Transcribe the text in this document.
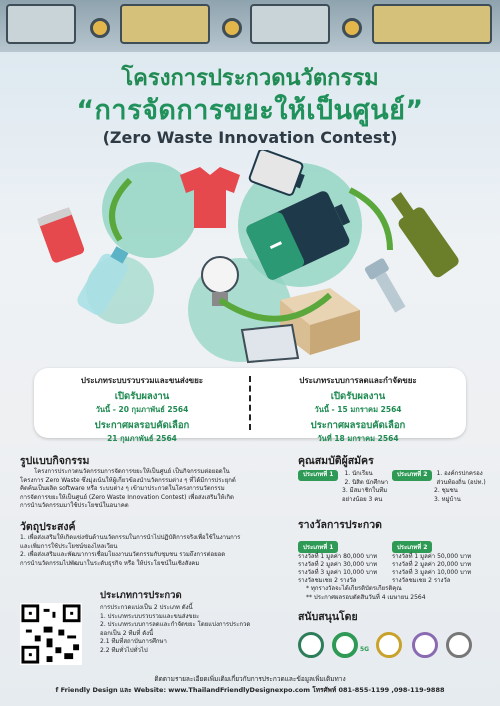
โครงการประกวดนวัตกรรม
“การจัดการขยะให้เป็นศูนย์”
(Zero Waste Innovation Contest)
ประเภทระบบรวบรวมและขนส่งขยะ
เปิดรับผลงาน
วันนี้ - 20 กุมภาพันธ์ 2564
ประกาศผลรอบคัดเลือก
21 กุมภาพันธ์ 2564
ประเภทระบบการลดและกำจัดขยะ
เปิดรับผลงาน
วันนี้ - 15 มกราคม 2564
ประกาศผลรอบคัดเลือก
วันที่ 18 มกราคม 2564
รูปแบบกิจกรรม
โครงการประกวดนวัตกรรมการจัดการขยะให้เป็นศูนย์ เป็นกิจกรรมต่อยอดใน
โครงการ Zero Waste ซึ่งมุ่งเน้นให้ผู้เกี่ยวข้องนำนวัตกรรมต่าง ๆ ที่ได้มีการประยุกต์
คิดค้นเป็นผลิต software หรือ ระบบต่าง ๆ เข้ามาประกวดในโครงการนวัตกรรม
การจัดการขยะให้เป็นศูนย์ (Zero Waste Innovation Contest) เพื่อส่งเสริมให้เกิด
การนำนวัตกรรมมาใช้ประโยชน์ในอนาคต
วัตถุประสงค์
1. เพื่อส่งเสริมให้เกิดแข่งขันด้านนวัตกรรมในการนำไปปฏิบัติการจริงเพื่อใช้ในงานการ
และเพิ่มการใช้ประโยชน์ของไหลเวียน
2. เพื่อส่งเสริมและพัฒนาการเชื่อมโยงงานนวัตกรรมกับชุมชน รวมถึงการต่อยอด
การนำนวัตกรรมไปพัฒนาในระดับธุรกิจ หรือ ให้ประโยชน์ในเชิงสังคม
ประเภทการประกวด
การประกวดแบ่งเป็น 2 ประเภท ดังนี้
1. ประเภทระบบรวบรวมและขนส่งขยะ
2. ประเภทระบบการลดและกำจัดขยะ โดยแบ่งการประกวด
ออกเป็น 2 ทีมที่ ดังนี้
2.1 ทีมที่สถาบันการศึกษา
2.2 ทีมทั่วไปทั่วไป
คุณสมบัติผู้สมัคร
ประเภทที่ 1	1. นักเรียน
2. นิสิต นักศึกษา
3. มีสมาชิกในทีม
อย่างน้อย 3 คน
ประเภทที่ 2	1. องค์กรปกครอง
ส่วนท้องถิ่น (อปท.)
2. ชุมชน
3. หมู่บ้าน
รางวัลการประกวด
ประเภทที่ 1
รางวัลที่ 1 มูลค่า 80,000 บาท
รางวัลที่ 2 มูลค่า 30,000 บาท
รางวัลที่ 3 มูลค่า 10,000 บาท
รางวัลชมเชย 2 รางวัล
ประเภทที่ 2
รางวัลที่ 1 มูลค่า 50,000 บาท
รางวัลที่ 2 มูลค่า 20,000 บาท
รางวัลที่ 3 มูลค่า 10,000 บาท
รางวัลชมเชย 2 รางวัล
* ทุกรางวัลจะได้เกียรติบัตรเกียรติคุณ
** ประกาศผลรอบตัดสินวันที่ 4 เมษายน 2564
สนับสนุนโดย
5G
ติดตามรายละเอียดเพิ่มเติมเกี่ยวกับการประกวดและข้อมูลเพิ่มเติมทาง
f Friendly Design และ Website: www.ThailandFriendlyDesignexpo.com โทรศัพท์ 081-855-1199 ,098-119-9888
